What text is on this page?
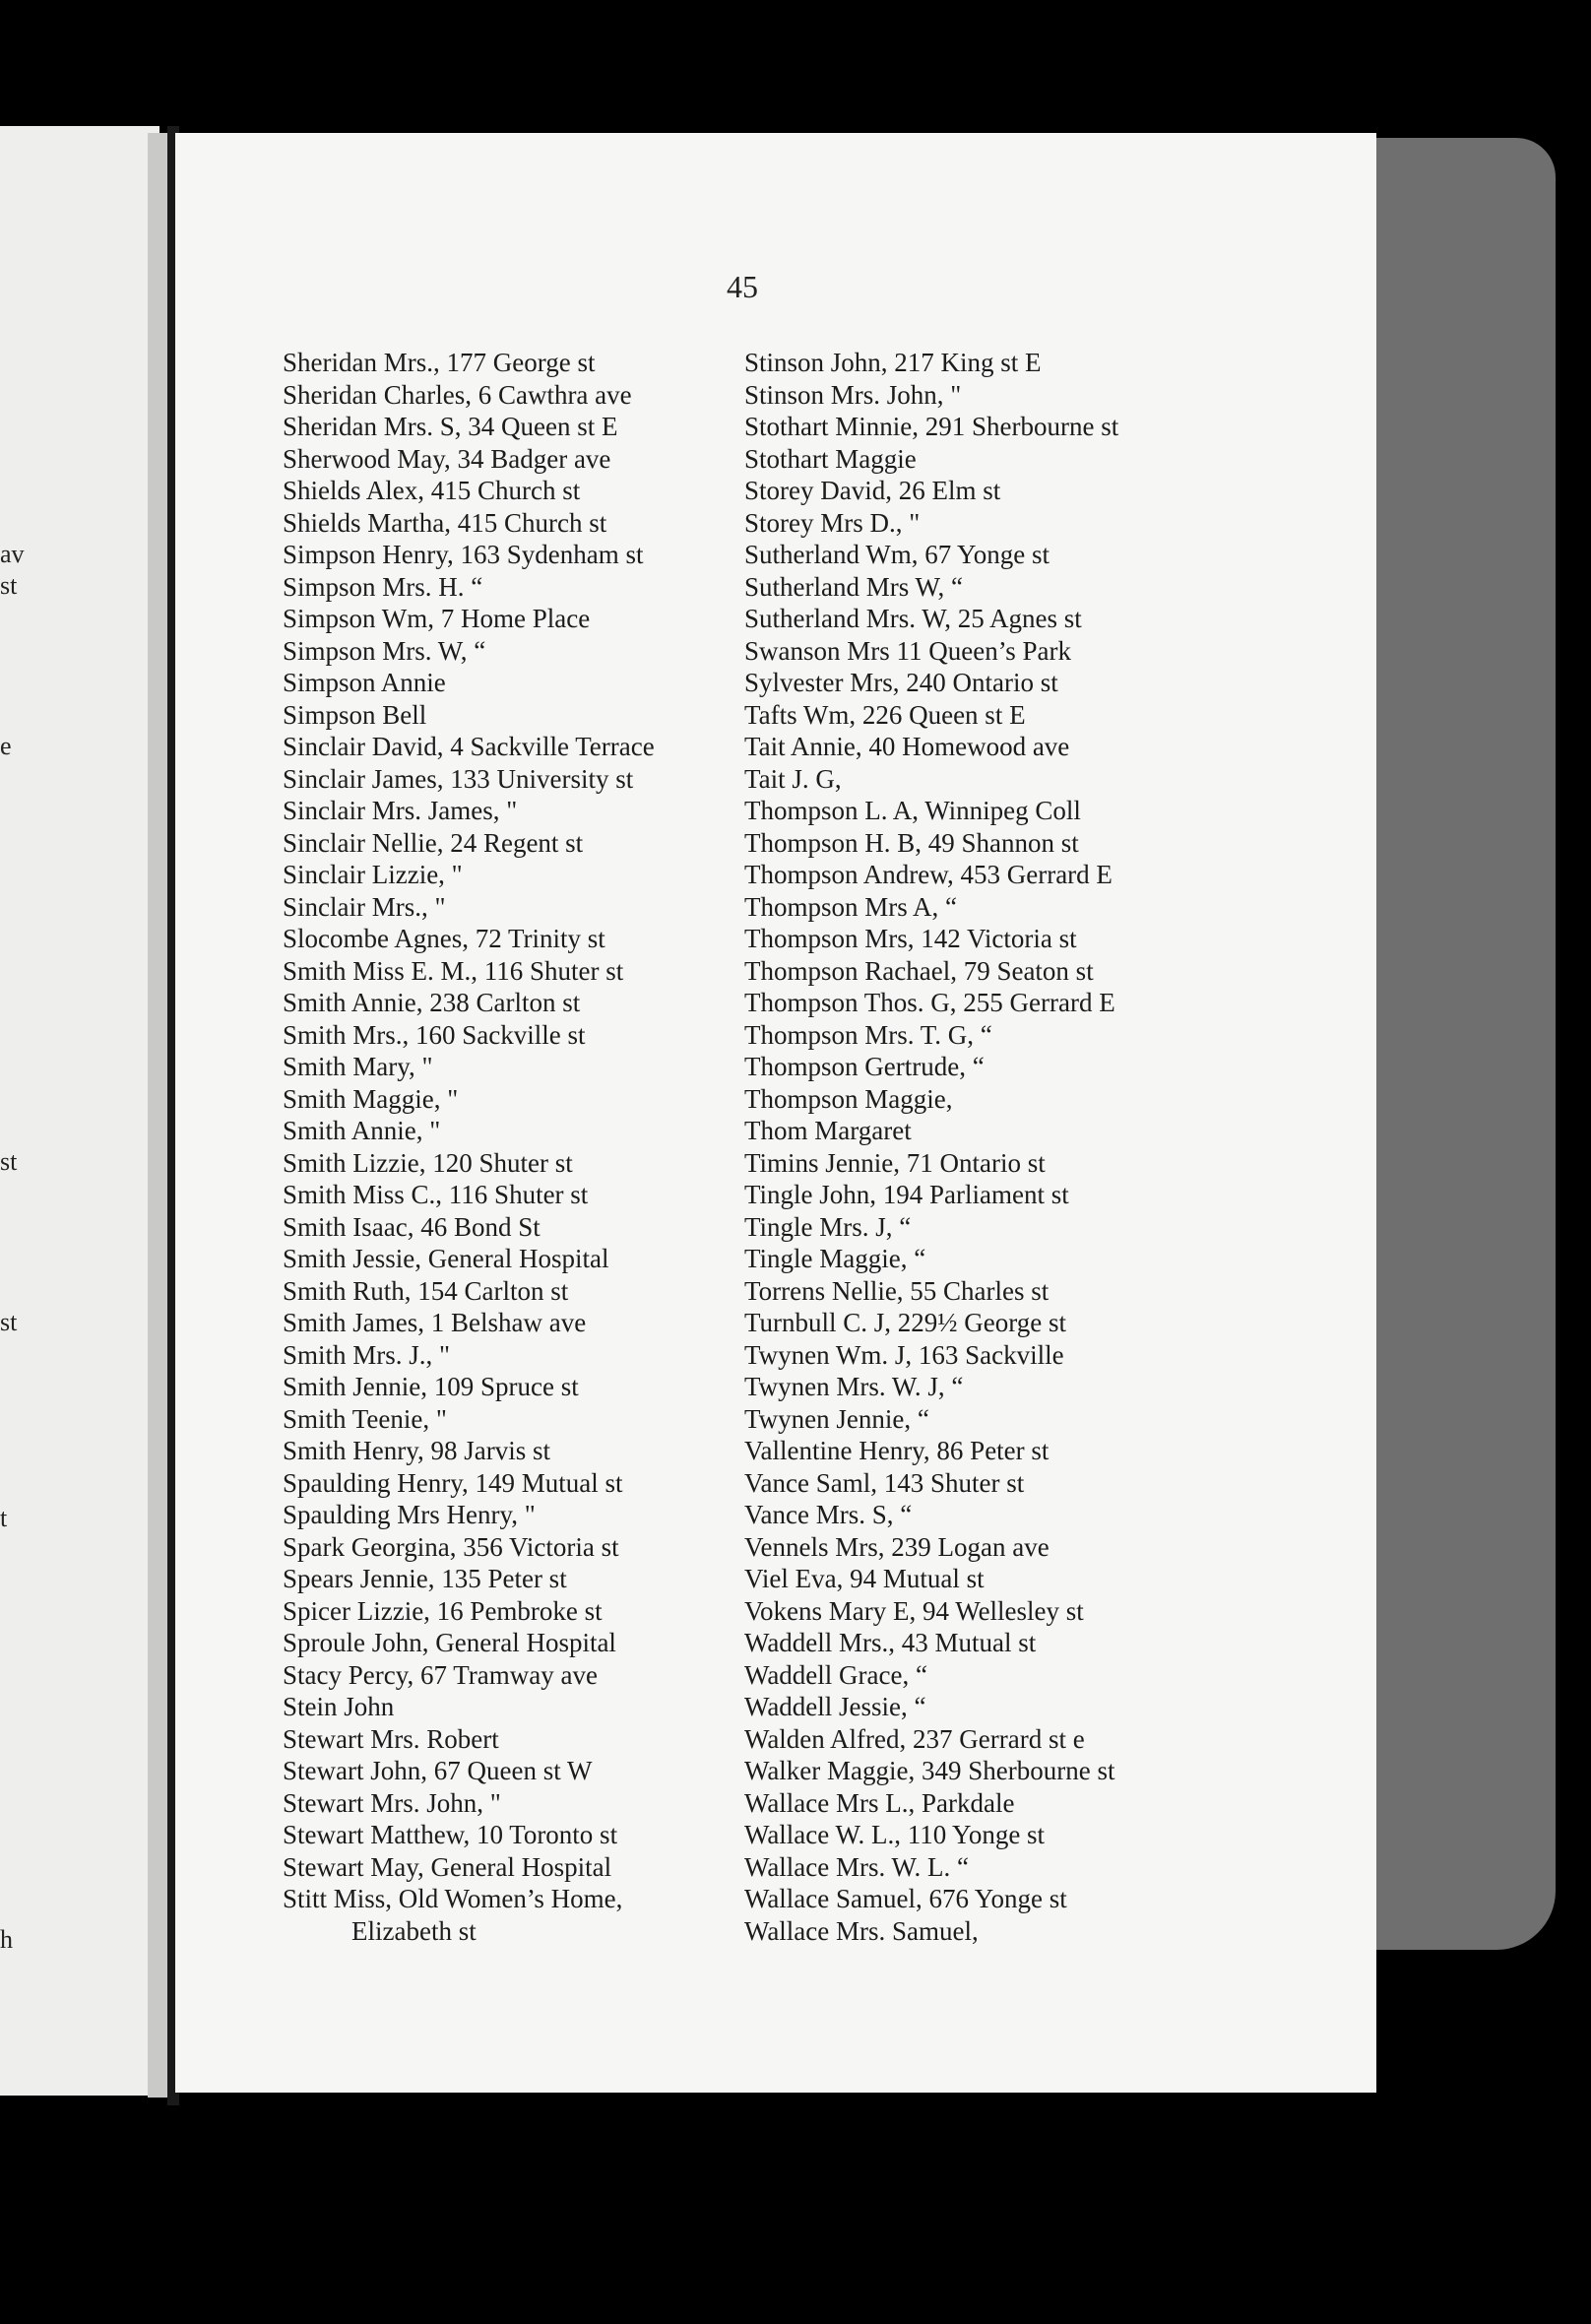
av
st
e
st
st
t
h
45
Sheridan Mrs., 177 George st
Sheridan Charles, 6 Cawthra ave
Sheridan Mrs. S, 34 Queen st E
Sherwood May, 34 Badger ave
Shields Alex, 415 Church st
Shields Martha, 415 Church st
Simpson Henry, 163 Sydenham st
Simpson Mrs. H. “
Simpson Wm, 7 Home Place
Simpson Mrs. W, “
Simpson Annie
Simpson Bell
Sinclair David, 4 Sackville Terrace
Sinclair James, 133 University st
Sinclair Mrs. James, "
Sinclair Nellie, 24 Regent st
Sinclair Lizzie, "
Sinclair Mrs., "
Slocombe Agnes, 72 Trinity st
Smith Miss E. M., 116 Shuter st
Smith Annie, 238 Carlton st
Smith Mrs., 160 Sackville st
Smith Mary, "
Smith Maggie, "
Smith Annie, "
Smith Lizzie, 120 Shuter st
Smith Miss C., 116 Shuter st
Smith Isaac, 46 Bond St
Smith Jessie, General Hospital
Smith Ruth, 154 Carlton st
Smith James, 1 Belshaw ave
Smith Mrs. J., "
Smith Jennie, 109 Spruce st
Smith Teenie, "
Smith Henry, 98 Jarvis st
Spaulding Henry, 149 Mutual st
Spaulding Mrs Henry, "
Spark Georgina, 356 Victoria st
Spears Jennie, 135 Peter st
Spicer Lizzie, 16 Pembroke st
Sproule John, General Hospital
Stacy Percy, 67 Tramway ave
Stein John
Stewart Mrs. Robert
Stewart John, 67 Queen st W
Stewart Mrs. John, "
Stewart Matthew, 10 Toronto st
Stewart May, General Hospital
Stitt Miss, Old Women’s Home,
Elizabeth st
Stinson John, 217 King st E
Stinson Mrs. John, "
Stothart Minnie, 291 Sherbourne st
Stothart Maggie
Storey David, 26 Elm st
Storey Mrs D., "
Sutherland Wm, 67 Yonge st
Sutherland Mrs W, “
Sutherland Mrs. W, 25 Agnes st
Swanson Mrs 11 Queen’s Park
Sylvester Mrs, 240 Ontario st
Tafts Wm, 226 Queen st E
Tait Annie, 40 Homewood ave
Tait J. G,
Thompson L. A, Winnipeg Coll
Thompson H. B, 49 Shannon st
Thompson Andrew, 453 Gerrard E
Thompson Mrs A, “
Thompson Mrs, 142 Victoria st
Thompson Rachael, 79 Seaton st
Thompson Thos. G, 255 Gerrard E
Thompson Mrs. T. G, “
Thompson Gertrude, “
Thompson Maggie,
Thom Margaret
Timins Jennie, 71 Ontario st
Tingle John, 194 Parliament st
Tingle Mrs. J, “
Tingle Maggie, “
Torrens Nellie, 55 Charles st
Turnbull C. J, 229½ George st
Twynen Wm. J, 163 Sackville
Twynen Mrs. W. J, “
Twynen Jennie, “
Vallentine Henry, 86 Peter st
Vance Saml, 143 Shuter st
Vance Mrs. S, “
Vennels Mrs, 239 Logan ave
Viel Eva, 94 Mutual st
Vokens Mary E, 94 Wellesley st
Waddell Mrs., 43 Mutual st
Waddell Grace, “
Waddell Jessie, “
Walden Alfred, 237 Gerrard st e
Walker Maggie, 349 Sherbourne st
Wallace Mrs L., Parkdale
Wallace W. L., 110 Yonge st
Wallace Mrs. W. L. “
Wallace Samuel, 676 Yonge st
Wallace Mrs. Samuel,
